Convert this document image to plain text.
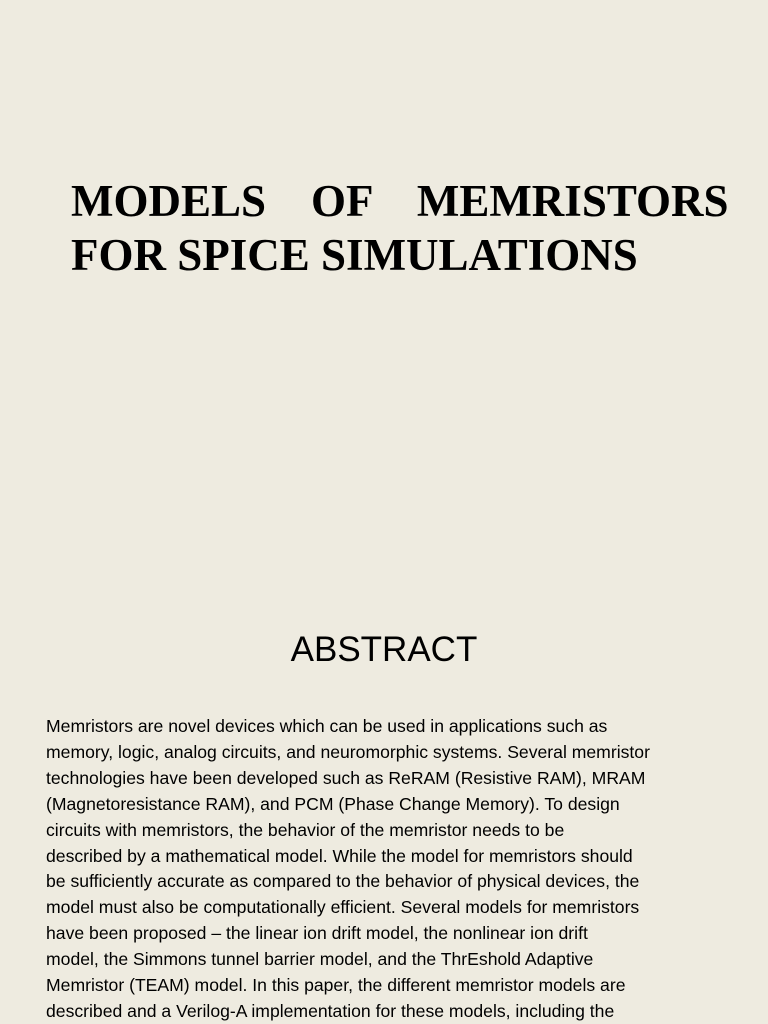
MODELS    OF    MEMRISTORS
FOR SPICE SIMULATIONS
ABSTRACT
Memristors are novel devices which can be used in applications such as
memory, logic, analog circuits, and neuromorphic systems. Several memristor
technologies have been developed such as ReRAM (Resistive RAM), MRAM
(Magnetoresistance RAM), and PCM (Phase Change Memory). To design
circuits with memristors, the behavior of the memristor needs to be
described by a mathematical model. While the model for memristors should
be sufficiently accurate as compared to the behavior of physical devices, the
model must also be computationally efficient. Several models for memristors
have been proposed – the linear ion drift model, the nonlinear ion drift
model, the Simmons tunnel barrier model, and the ThrEshold Adaptive
Memristor (TEAM) model. In this paper, the different memristor models are
described and a Verilog-A implementation for these models, including the
